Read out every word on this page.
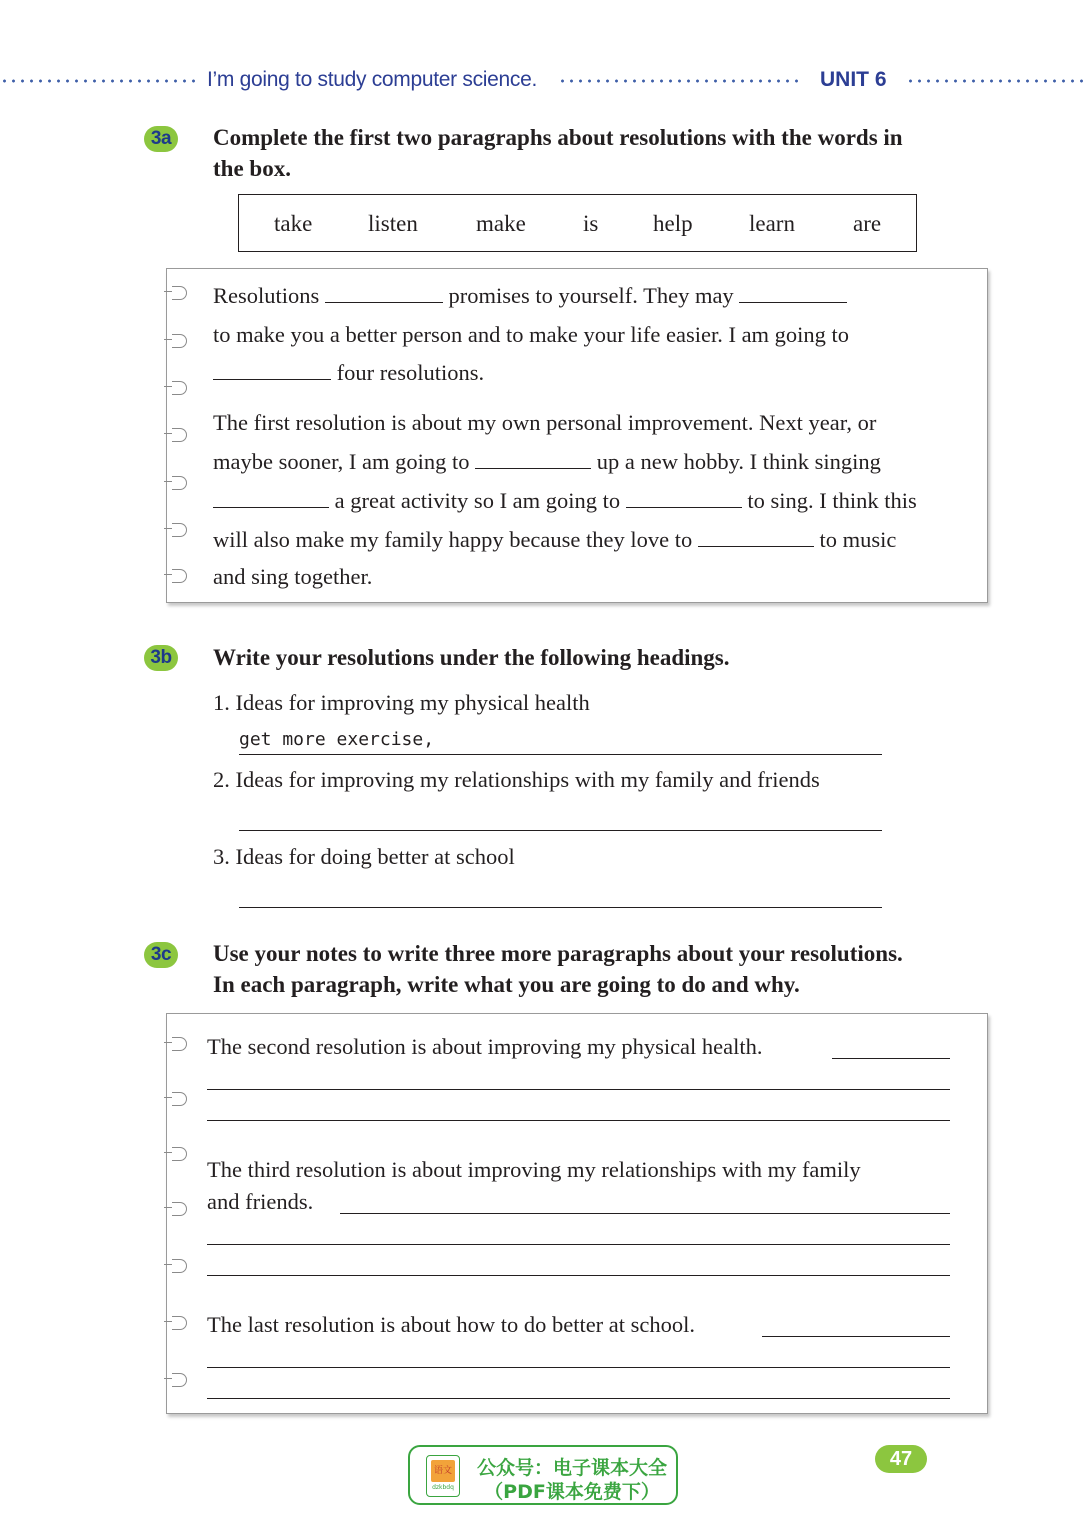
I’m going to study computer science.	UNIT 6
3a	Complete the first two paragraphs about resolutions with the words in
the box.
take listen	make is help learn	are
Resolutions	promises to yourself. They may
to make you a better person and to make your life easier. I am going to
four resolutions.
The first resolution is about my own personal improvement. Next year, or
maybe sooner, I am going to	up a new hobby. I think singing
a great activity so I am going to	to sing. I think this
will also make my family happy because they love to	to music
and sing together.
3b Write your resolutions under the following headings.
1. Ideas for improving my physical health
get more exercise,
2. Ideas for improving my relationships with my family and friends
3. Ideas for doing better at school
3c	Use your notes to write three more paragraphs about your resolutions.
In each paragraph, write what you are going to do and why.
The second resolution is about improving my physical health.
The third resolution is about improving my relationships with my family
and friends.
The last resolution is about how to do better at school.
语文
dzkbdq
公众号：电子课本大全
（PDF课本免费下）
47
